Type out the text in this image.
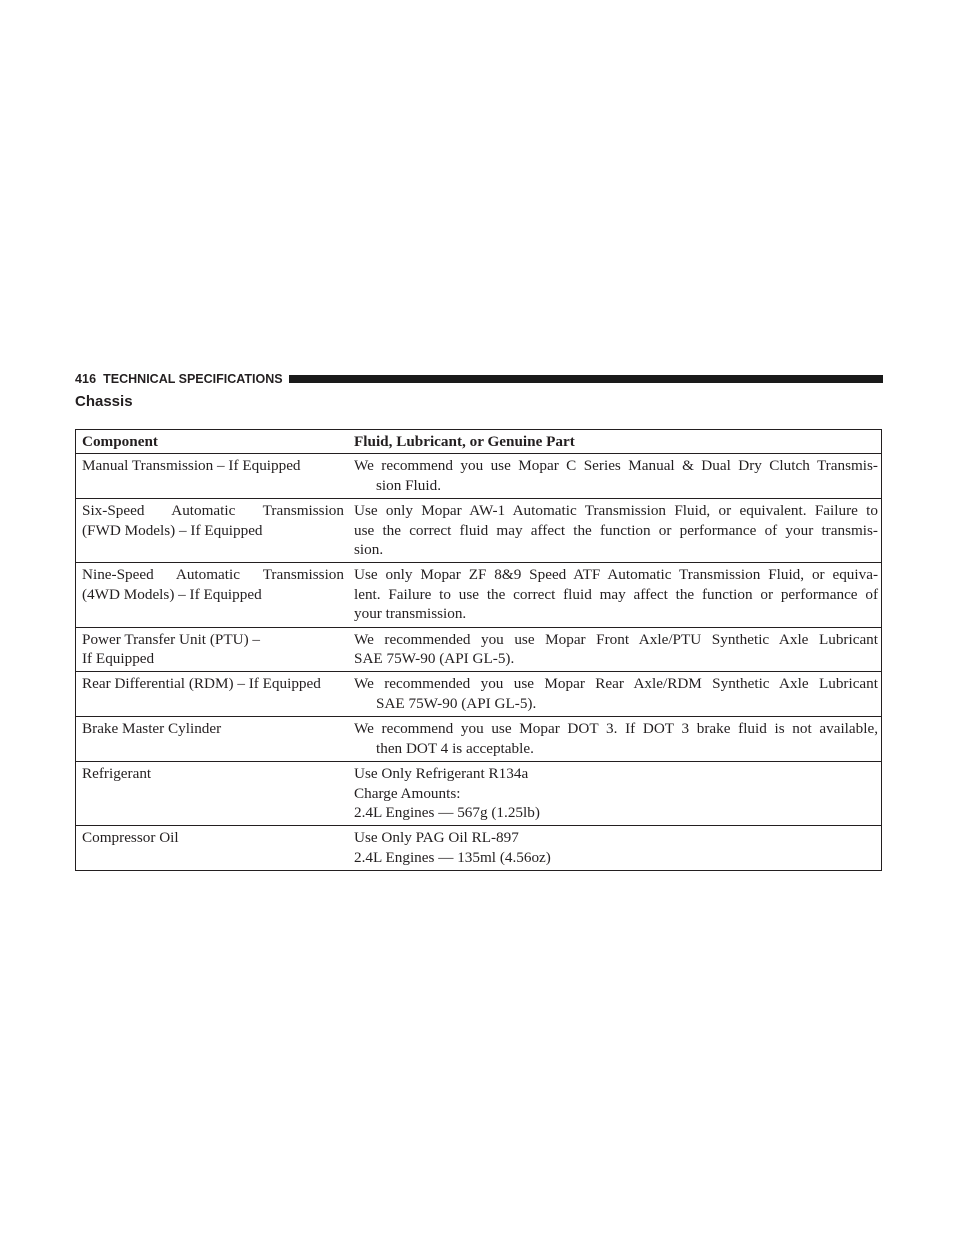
416 TECHNICAL SPECIFICATIONS
Chassis
Component	Fluid, Lubricant, or Genuine Part

Manual Transmission – If Equipped	We recommend you use Mopar C Series Manual & Dual Dry Clutch Transmis-
sion Fluid.

Six-Speed Automatic Transmission
(FWD Models) – If Equipped	Use only Mopar AW-1 Automatic Transmission Fluid, or equivalent. Failure to
use the correct fluid may affect the function or performance of your transmis-
sion.

Nine-Speed Automatic Transmission
(4WD Models) – If Equipped	Use only Mopar ZF 8&9 Speed ATF Automatic Transmission Fluid, or equiva-
lent. Failure to use the correct fluid may affect the function or performance of
your transmission.

Power Transfer Unit (PTU) –
If Equipped	We recommended you use Mopar Front Axle/PTU Synthetic Axle Lubricant
SAE 75W-90 (API GL-5).

Rear Differential (RDM) – If Equipped	We recommended you use Mopar Rear Axle/RDM Synthetic Axle Lubricant
SAE 75W-90 (API GL-5).

Brake Master Cylinder	We recommend you use Mopar DOT 3. If DOT 3 brake fluid is not available,
then DOT 4 is acceptable.

Refrigerant	Use Only Refrigerant R134a
Charge Amounts:
2.4L Engines — 567g (1.25lb)

Compressor Oil	Use Only PAG Oil RL-897
2.4L Engines — 135ml (4.56oz)
